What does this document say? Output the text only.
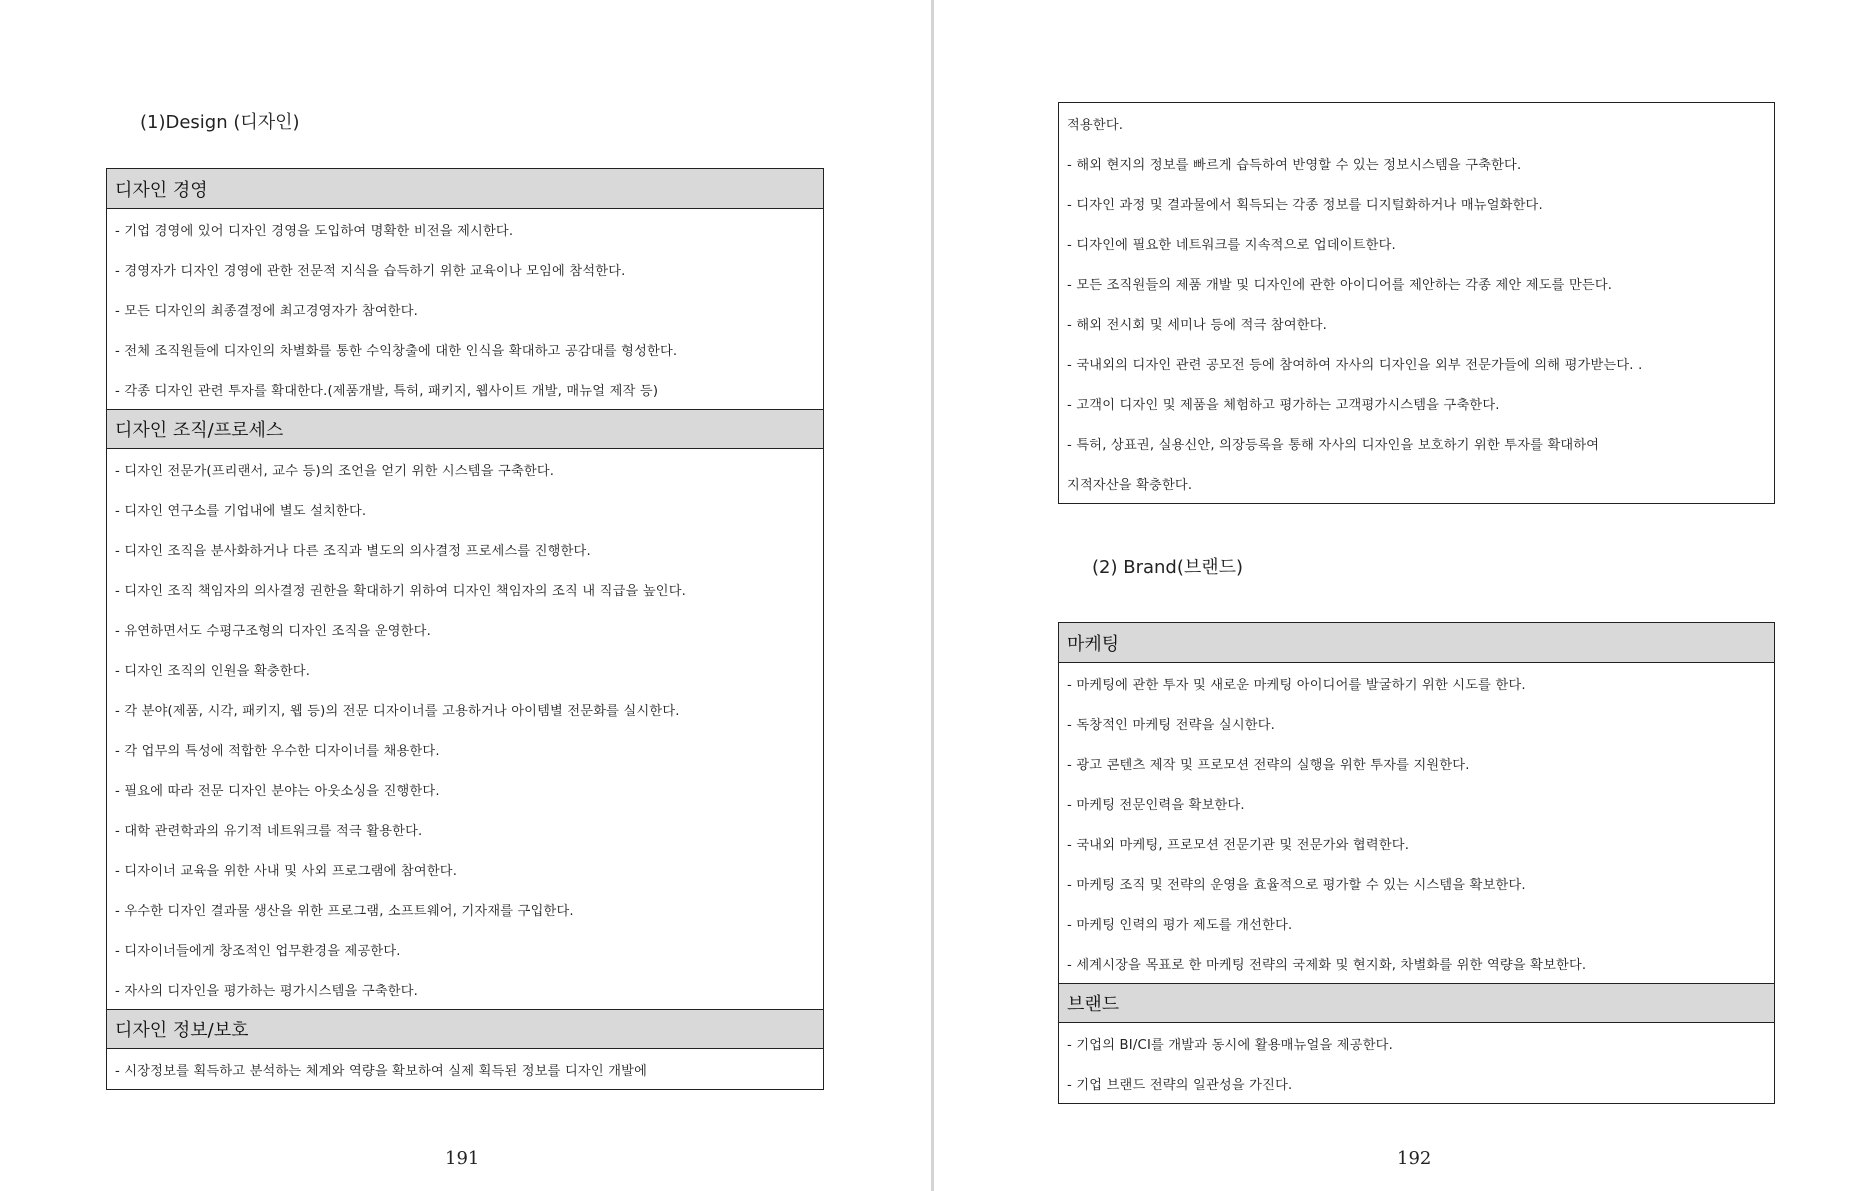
(1)Design (디자인)
디자인 경영
- 기업 경영에 있어 디자인 경영을 도입하여 명확한 비전을 제시한다.
- 경영자가 디자인 경영에 관한 전문적 지식을 습득하기 위한 교육이나 모임에 참석한다.
- 모든 디자인의 최종결정에 최고경영자가 참여한다.
- 전체 조직원들에 디자인의 차별화를 통한 수익창출에 대한 인식을 확대하고 공감대를 형성한다.
- 각종 디자인 관련 투자를 확대한다.(제품개발, 특허, 패키지, 웹사이트 개발, 매뉴얼 제작 등)
디자인 조직/프로세스
- 디자인 전문가(프리랜서, 교수 등)의 조언을 얻기 위한 시스템을 구축한다.
- 디자인 연구소를 기업내에 별도 설치한다.
- 디자인 조직을 분사화하거나 다른 조직과 별도의 의사결정 프로세스를 진행한다.
- 디자인 조직 책임자의 의사결정 권한을 확대하기 위하여 디자인 책임자의 조직 내 직급을 높인다.
- 유연하면서도 수평구조형의 디자인 조직을 운영한다.
- 디자인 조직의 인원을 확충한다.
- 각 분야(제품, 시각, 패키지, 웹 등)의 전문 디자이너를 고용하거나 아이템별 전문화를 실시한다.
- 각 업무의 특성에 적합한 우수한 디자이너를 채용한다.
- 필요에 따라 전문 디자인 분야는 아웃소싱을 진행한다.
- 대학 관련학과의 유기적 네트워크를 적극 활용한다.
- 디자이너 교육을 위한 사내 및 사외 프로그램에 참여한다.
- 우수한 디자인 결과물 생산을 위한 프로그램, 소프트웨어, 기자재를 구입한다.
- 디자이너들에게 창조적인 업무환경을 제공한다.
- 자사의 디자인을 평가하는 평가시스템을 구축한다.
디자인 정보/보호
- 시장정보를 획득하고 분석하는 체계와 역량을 확보하여 실제 획득된 정보를 디자인 개발에
191
적용한다.
- 해외 현지의 정보를 빠르게 습득하여 반영할 수 있는 정보시스템을 구축한다.
- 디자인 과정 및 결과물에서 획득되는 각종 정보를 디지털화하거나 매뉴얼화한다.
- 디자인에 필요한 네트워크를 지속적으로 업데이트한다.
- 모든 조직원들의 제품 개발 및 디자인에 관한 아이디어를 제안하는 각종 제안 제도를 만든다.
- 해외 전시회 및 세미나 등에 적극 참여한다.
- 국내외의 디자인 관련 공모전 등에 참여하여 자사의 디자인을 외부 전문가들에 의해 평가받는다. .
- 고객이 디자인 및 제품을 체험하고 평가하는 고객평가시스템을 구축한다.
- 특허, 상표권, 실용신안, 의장등록을 통해 자사의 디자인을 보호하기 위한 투자를 확대하여
지적자산을 확충한다.
(2) Brand(브랜드)
마케팅
- 마케팅에 관한 투자 및 새로운 마케팅 아이디어를 발굴하기 위한 시도를 한다.
- 독창적인 마케팅 전략을 실시한다.
- 광고 콘텐츠 제작 및 프로모션 전략의 실행을 위한 투자를 지원한다.
- 마케팅 전문인력을 확보한다.
- 국내외 마케팅, 프로모션 전문기관 및 전문가와 협력한다.
- 마케팅 조직 및 전략의 운영을 효율적으로 평가할 수 있는 시스템을 확보한다.
- 마케팅 인력의 평가 제도를 개선한다.
- 세계시장을 목표로 한 마케팅 전략의 국제화 및 현지화, 차별화를 위한 역량을 확보한다.
브랜드
- 기업의 BI/CI를 개발과 동시에 활용매뉴얼을 제공한다.
- 기업 브랜드 전략의 일관성을 가진다.
192
